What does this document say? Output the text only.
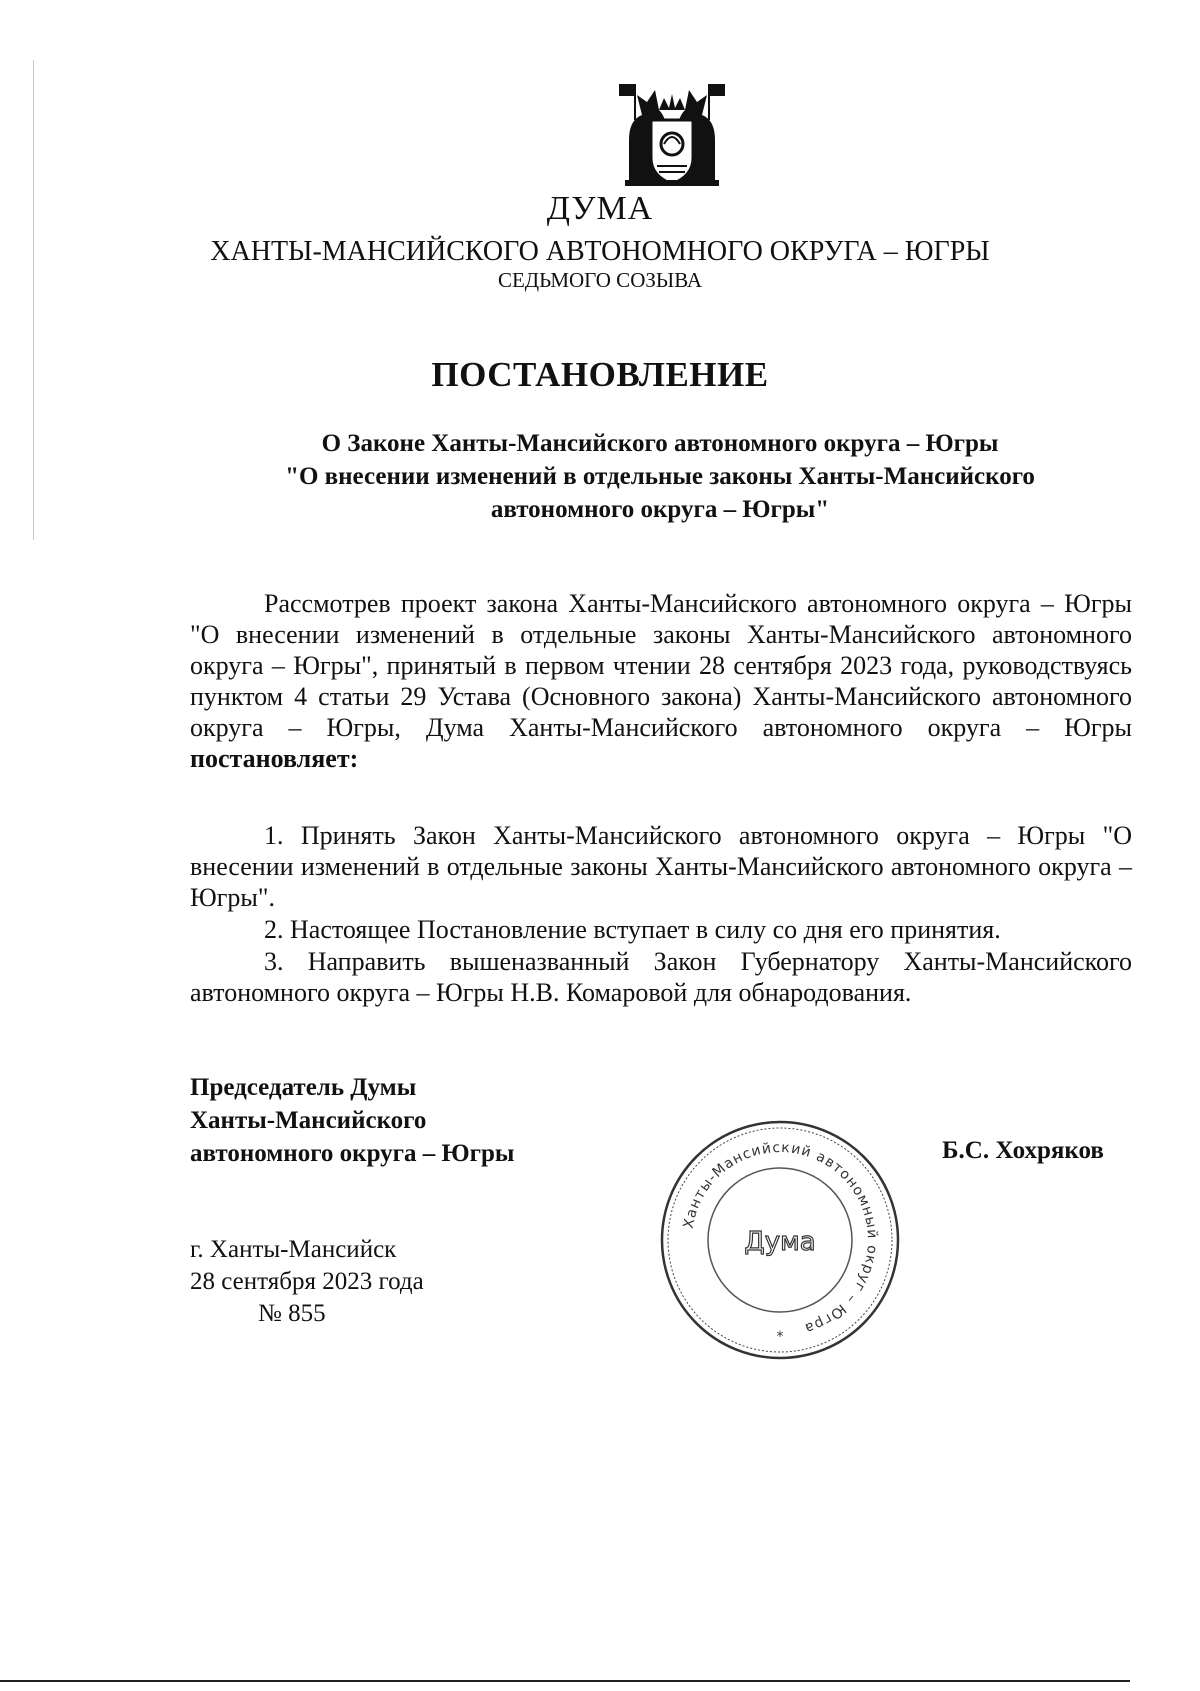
ДУМА
ХАНТЫ-МАНСИЙСКОГО АВТОНОМНОГО ОКРУГА – ЮГРЫ
СЕДЬМОГО СОЗЫВА
ПОСТАНОВЛЕНИЕ
О Законе Ханты-Мансийского автономного округа – Югры
"О внесении изменений в отдельные законы Ханты-Мансийского
автономного округа – Югры"

Рассмотрев проект закона Ханты-Мансийского автономного округа – Югры "О внесении изменений в отдельные законы Ханты-Мансийского автономного округа – Югры", принятый в первом чтении 28 сентября 2023 года, руководствуясь пунктом 4 статьи 29 Устава (Основного закона) Ханты-Мансийского автономного округа – Югры, Дума Ханты-Мансийского автономного округа – Югры постановляет:

1. Принять Закон Ханты-Мансийского автономного округа – Югры "О внесении изменений в отдельные законы Ханты-Мансийского автономного округа – Югры".

2. Настоящее Постановление вступает в силу со дня его принятия.

3. Направить вышеназванный Закон Губернатору Ханты-Мансийского автономного округа – Югры Н.В. Комаровой для обнародования.

Председатель Думы
Ханты-Мансийского
автономного округа – Югры
Ханты-Мансийский автономный округ – Югра
Дума
*
Б.С. Хохряков
г. Ханты-Мансийск
28 сентября 2023 года
№ 855
